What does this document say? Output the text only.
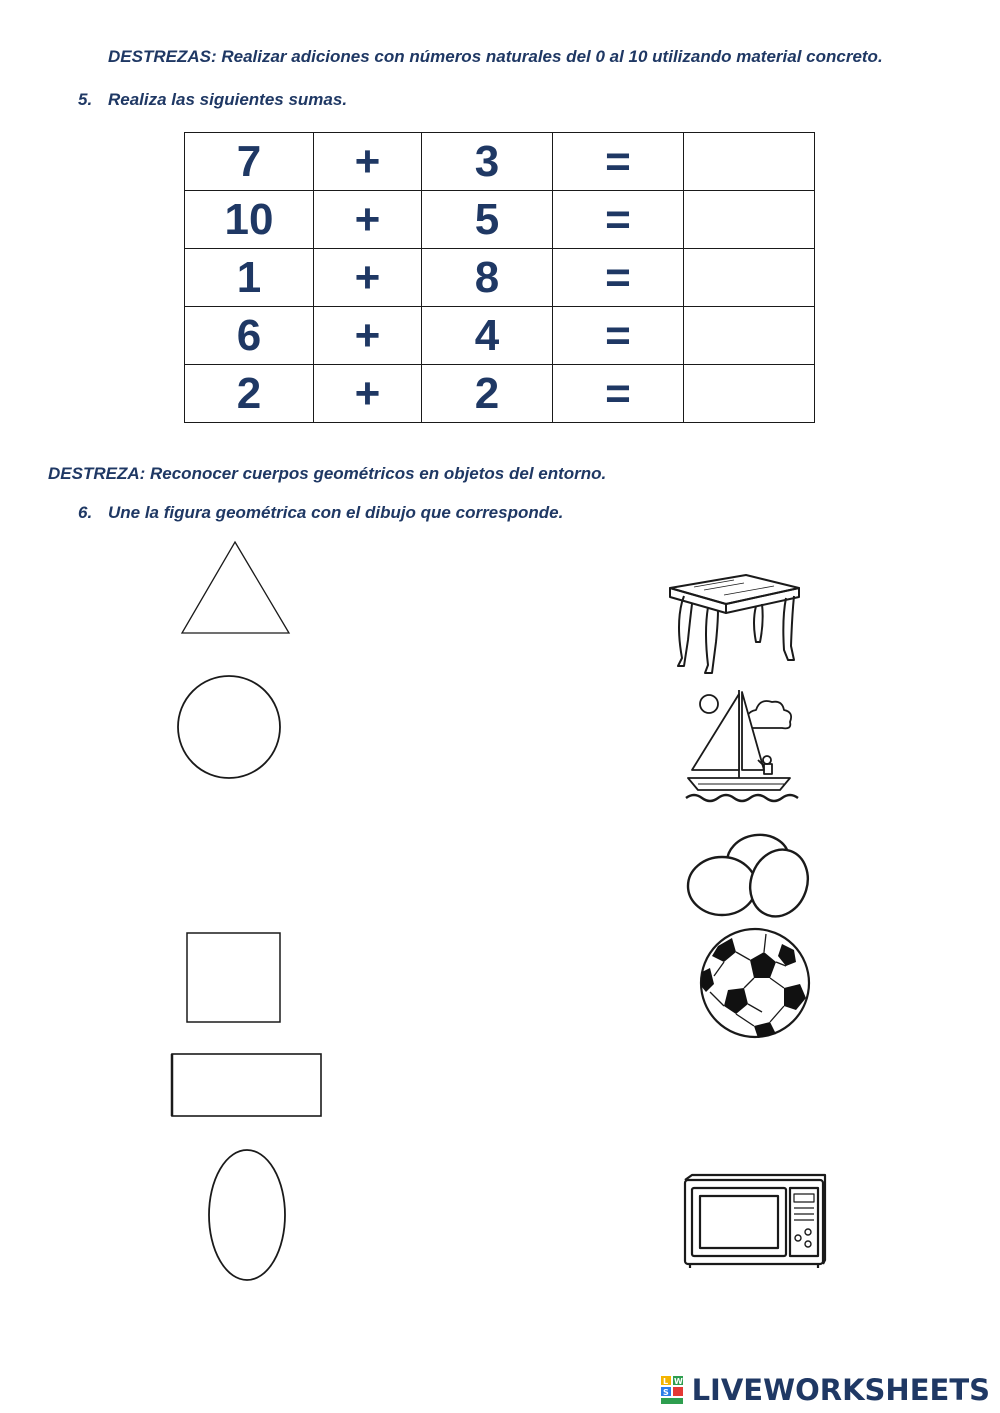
DESTREZAS: Realizar adiciones con números naturales del 0 al 10 utilizando material concreto.
5. Realiza las siguientes sumas.
7	+	3	=	
10	+	5	=	
1	+	8	=	
6	+	4	=	
2	+	2	=	
DESTREZA: Reconocer cuerpos geométricos en objetos del entorno.
6. Une la figura geométrica con el dibujo que corresponde.
L W
S LIVEWORKSHEETS
